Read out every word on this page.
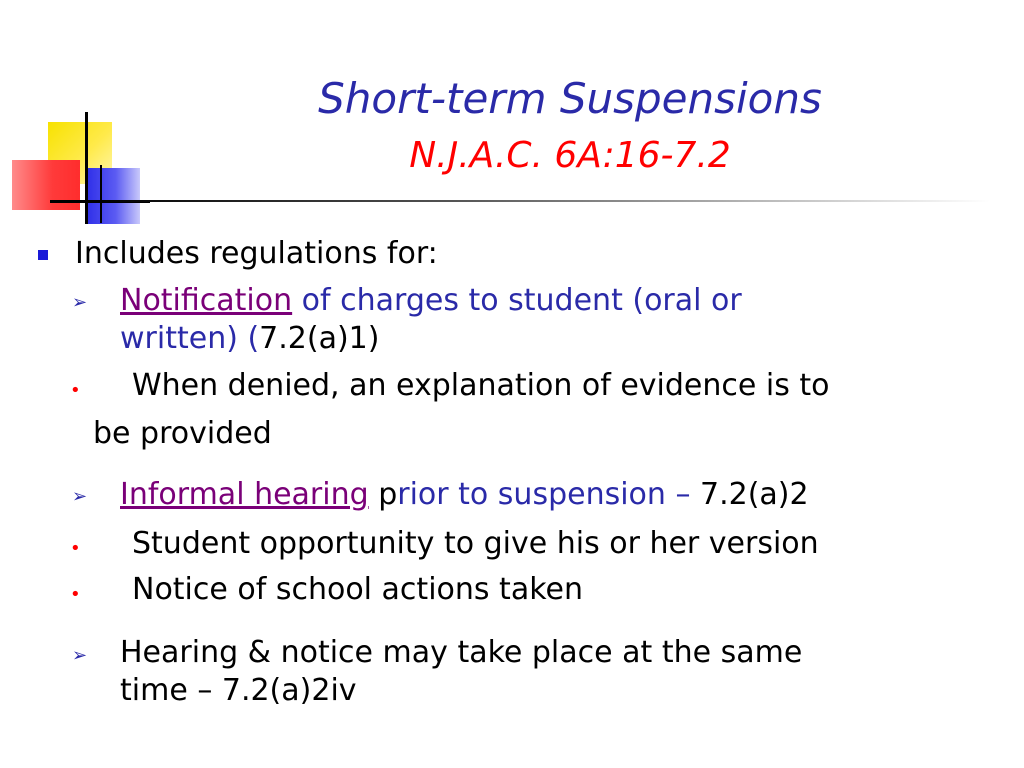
Short-term Suspensions
N.J.A.C. 6A:16-7.2

Includes regulations for:

➢ Notification of charges to student (oral or

written) (7.2(a)1)

• When denied, an explanation of evidence is to

be provided

➢ Informal hearing prior to suspension – 7.2(a)2

• Student opportunity to give his or her version

• Notice of school actions taken

➢ Hearing & notice may take place at the same

time – 7.2(a)2iv
